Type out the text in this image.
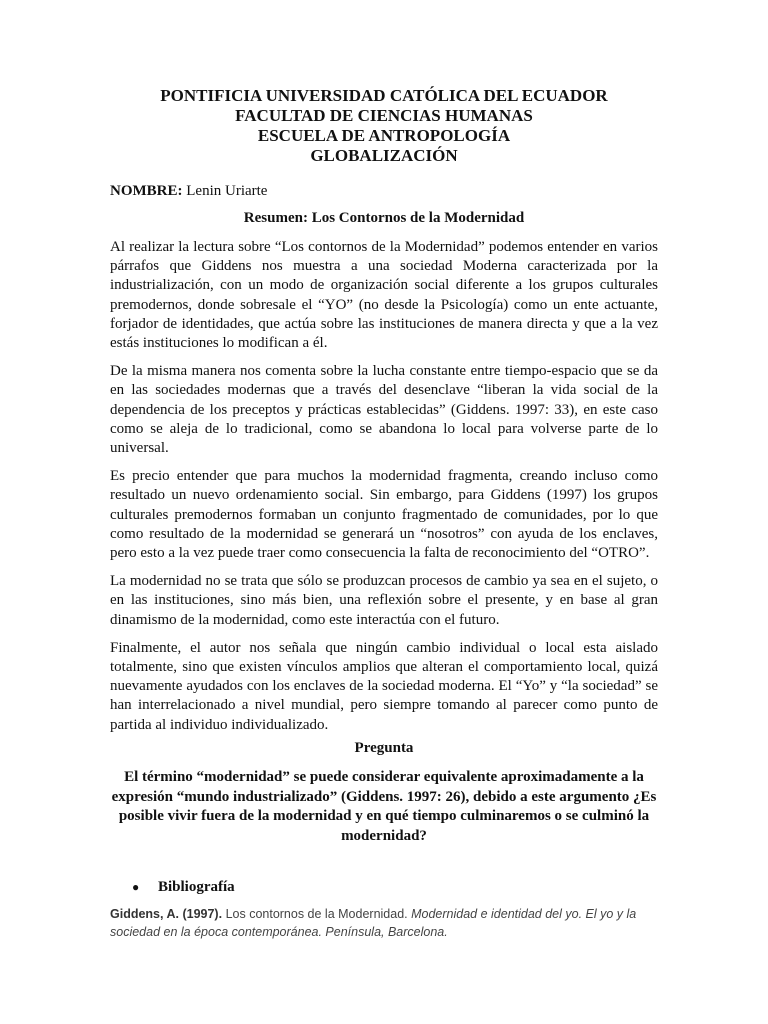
PONTIFICIA UNIVERSIDAD CATÓLICA DEL ECUADOR
FACULTAD DE CIENCIAS HUMANAS
ESCUELA DE ANTROPOLOGÍA
GLOBALIZACIÓN
NOMBRE: Lenin Uriarte
Resumen: Los Contornos de la Modernidad

Al realizar la lectura sobre “Los contornos de la Modernidad” podemos entender en varios párrafos que Giddens nos muestra a una sociedad Moderna caracterizada por la industrialización, con un modo de organización social diferente a los grupos culturales premodernos, donde sobresale el “YO” (no desde la Psicología) como un ente actuante, forjador de identidades, que actúa sobre las instituciones de manera directa y que a la vez estás instituciones lo modifican a él.

De la misma manera nos comenta sobre la lucha constante entre tiempo-espacio que se da en las sociedades modernas que a través del desenclave “liberan la vida social de la dependencia de los preceptos y prácticas establecidas” (Giddens. 1997: 33), en este caso como se aleja de lo tradicional, como se abandona lo local para volverse parte de lo universal.

Es precio entender que para muchos la modernidad fragmenta, creando incluso como resultado un nuevo ordenamiento social. Sin embargo, para Giddens (1997) los grupos culturales premodernos formaban un conjunto fragmentado de comunidades, por lo que como resultado de la modernidad se generará un “nosotros” con ayuda de los enclaves, pero esto a la vez puede traer como consecuencia la falta de reconocimiento del “OTRO”.

La modernidad no se trata que sólo se produzcan procesos de cambio ya sea en el sujeto, o en las instituciones, sino más bien, una reflexión sobre el presente, y en base al gran dinamismo de la modernidad, como este interactúa con el futuro.

Finalmente, el autor nos señala que ningún cambio individual o local esta aislado totalmente, sino que existen vínculos amplios que alteran el comportamiento local, quizá nuevamente ayudados con los enclaves de la sociedad moderna. El “Yo” y “la sociedad” se han interrelacionado a nivel mundial, pero siempre tomando al parecer como punto de partida al individuo individualizado.

Pregunta
El término “modernidad” se puede considerar equivalente aproximadamente a la expresión “mundo industrializado” (Giddens. 1997: 26), debido a este argumento ¿Es posible vivir fuera de la modernidad y en qué tiempo culminaremos o se culminó la modernidad?
● Bibliografía
Giddens, A. (1997). Los contornos de la Modernidad. Modernidad e identidad del yo. El yo y la sociedad en la época contemporánea. Península, Barcelona.
